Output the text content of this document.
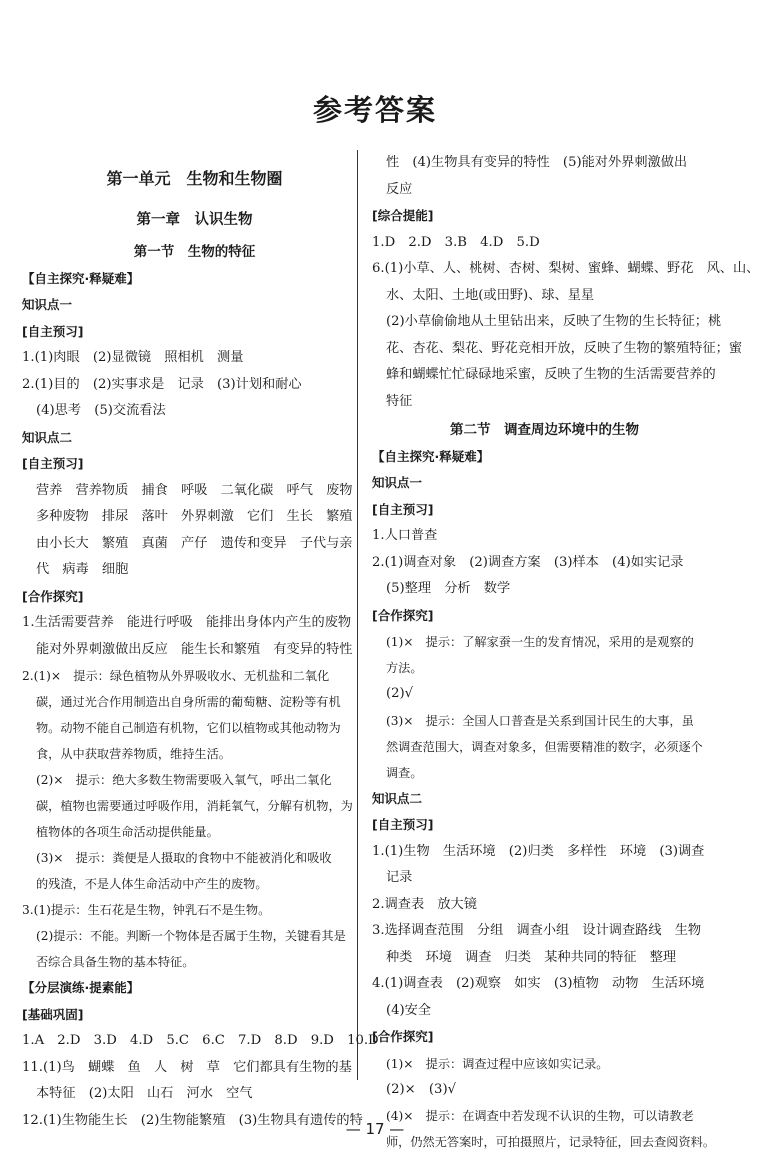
参考答案
第一单元　生物和生物圈
第一章　认识生物
第一节　生物的特征
【自主探究·释疑难】
知识点一
[自主预习]
1.(1)肉眼　(2)显微镜　照相机　测量
2.(1)目的　(2)实事求是　记录　(3)计划和耐心
(4)思考　(5)交流看法
知识点二
[自主预习]
营养　营养物质　捕食　呼吸　二氧化碳　呼气　废物
多种废物　排尿　落叶　外界刺激　它们　生长　繁殖
由小长大　繁殖　真菌　产仔　遗传和变异　子代与亲
代　病毒　细胞
[合作探究]
1.生活需要营养　能进行呼吸　能排出身体内产生的废物
能对外界刺激做出反应　能生长和繁殖　有变异的特性
2.(1)×　提示：绿色植物从外界吸收水、无机盐和二氧化
碳，通过光合作用制造出自身所需的葡萄糖、淀粉等有机
物。动物不能自己制造有机物，它们以植物或其他动物为
食，从中获取营养物质，维持生活。
(2)×　提示：绝大多数生物需要吸入氧气，呼出二氧化
碳，植物也需要通过呼吸作用，消耗氧气，分解有机物，为
植物体的各项生命活动提供能量。
(3)×　提示：粪便是人摄取的食物中不能被消化和吸收
的残渣，不是人体生命活动中产生的废物。
3.(1)提示：生石花是生物，钟乳石不是生物。
(2)提示：不能。判断一个物体是否属于生物，关键看其是
否综合具备生物的基本特征。
【分层演练·提素能】
[基础巩固]
1.A　2.D　3.D　4.D　5.C　6.C　7.D　8.D　9.D　10.D
11.(1)鸟　蝴蝶　鱼　人　树　草　它们都具有生物的基
本特征　(2)太阳　山石　河水　空气
12.(1)生物能生长　(2)生物能繁殖　(3)生物具有遗传的特
性　(4)生物具有变异的特性　(5)能对外界刺激做出
反应
[综合提能]
1.D　2.D　3.B　4.D　5.D
6.(1)小草、人、桃树、杏树、梨树、蜜蜂、蝴蝶、野花　风、山、
水、太阳、土地(或田野)、球、星星
(2)小草偷偷地从土里钻出来，反映了生物的生长特征；桃
花、杏花、梨花、野花竞相开放，反映了生物的繁殖特征；蜜
蜂和蝴蝶忙忙碌碌地采蜜，反映了生物的生活需要营养的
特征
第二节　调查周边环境中的生物
【自主探究·释疑难】
知识点一
[自主预习]
1.人口普查
2.(1)调查对象　(2)调查方案　(3)样本　(4)如实记录
(5)整理　分析　数学
[合作探究]
(1)×　提示：了解家蚕一生的发育情况，采用的是观察的
方法。
(2)√
(3)×　提示：全国人口普查是关系到国计民生的大事，虽
然调查范围大，调查对象多，但需要精准的数字，必须逐个
调查。
知识点二
[自主预习]
1.(1)生物　生活环境　(2)归类　多样性　环境　(3)调查
记录
2.调查表　放大镜
3.选择调查范围　分组　调查小组　设计调查路线　生物
种类　环境　调查　归类　某种共同的特征　整理
4.(1)调查表　(2)观察　如实　(3)植物　动物　生活环境
(4)安全
[合作探究]
(1)×　提示：调查过程中应该如实记录。
(2)×　(3)√
(4)×　提示：在调查中若发现不认识的生物，可以请教老
师，仍然无答案时，可拍摄照片，记录特征，回去查阅资料。
— 17 —
